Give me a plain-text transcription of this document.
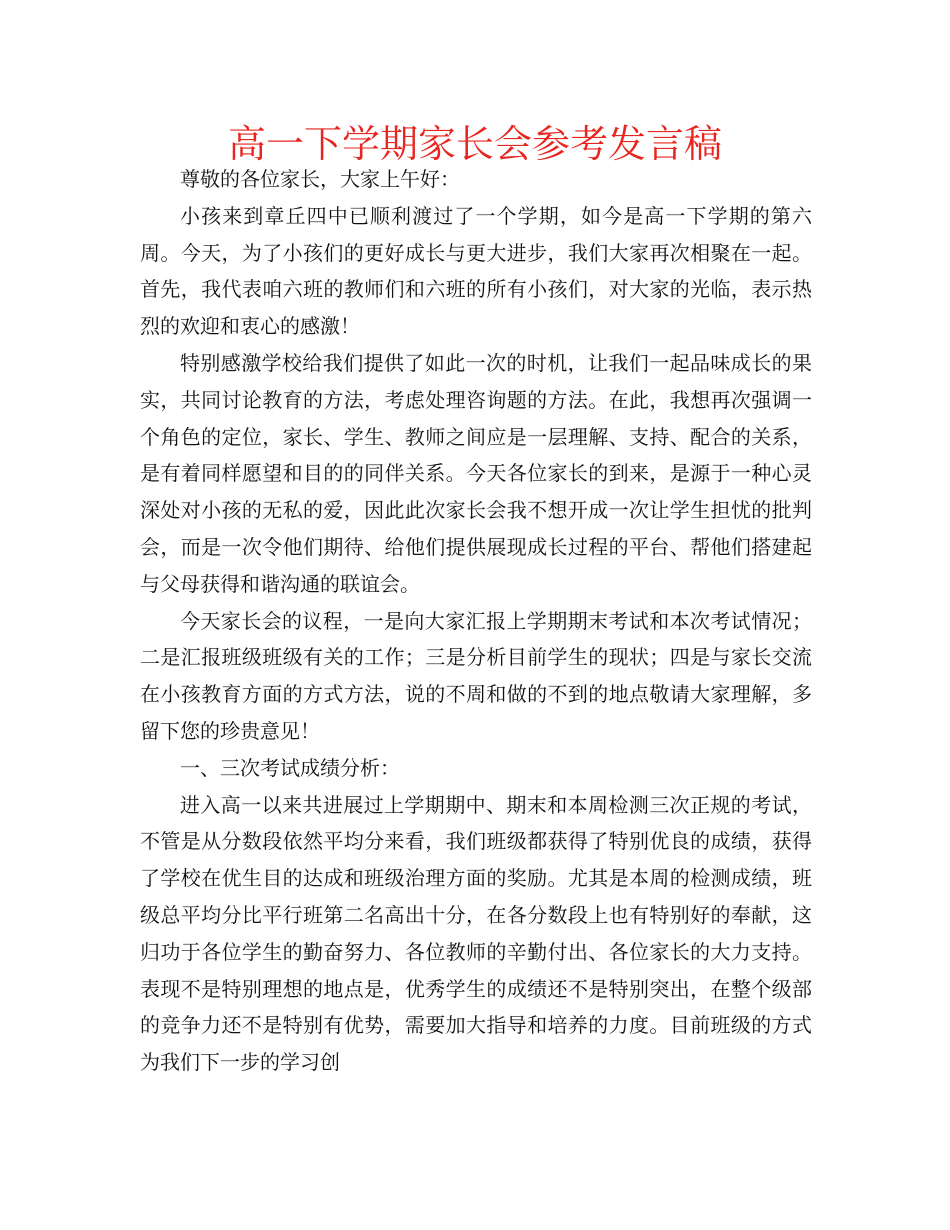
高一下学期家长会参考发言稿

尊敬的各位家长，大家上午好：

小孩来到章丘四中已顺利渡过了一个学期，如今是高一下学期的第六周。今天，为了小孩们的更好成长与更大进步，我们大家再次相聚在一起。首先，我代表咱六班的教师们和六班的所有小孩们，对大家的光临，表示热烈的欢迎和衷心的感激！

特别感激学校给我们提供了如此一次的时机，让我们一起品味成长的果实，共同讨论教育的方法，考虑处理咨询题的方法。在此，我想再次强调一个角色的定位，家长、学生、教师之间应是一层理解、支持、配合的关系，是有着同样愿望和目的的同伴关系。今天各位家长的到来，是源于一种心灵深处对小孩的无私的爱，因此此次家长会我不想开成一次让学生担忧的批判会，而是一次令他们期待、给他们提供展现成长过程的平台、帮他们搭建起与父母获得和谐沟通的联谊会。

今天家长会的议程，一是向大家汇报上学期期末考试和本次考试情况；二是汇报班级班级有关的工作；三是分析目前学生的现状；四是与家长交流在小孩教育方面的方式方法，说的不周和做的不到的地点敬请大家理解，多留下您的珍贵意见！

一、三次考试成绩分析：

进入高一以来共进展过上学期期中、期末和本周检测三次正规的考试，不管是从分数段依然平均分来看，我们班级都获得了特别优良的成绩，获得了学校在优生目的达成和班级治理方面的奖励。尤其是本周的检测成绩，班级总平均分比平行班第二名高出十分，在各分数段上也有特别好的奉献，这归功于各位学生的勤奋努力、各位教师的辛勤付出、各位家长的大力支持。表现不是特别理想的地点是，优秀学生的成绩还不是特别突出，在整个级部的竞争力还不是特别有优势，需要加大指导和培养的力度。目前班级的方式为我们下一步的学习创
